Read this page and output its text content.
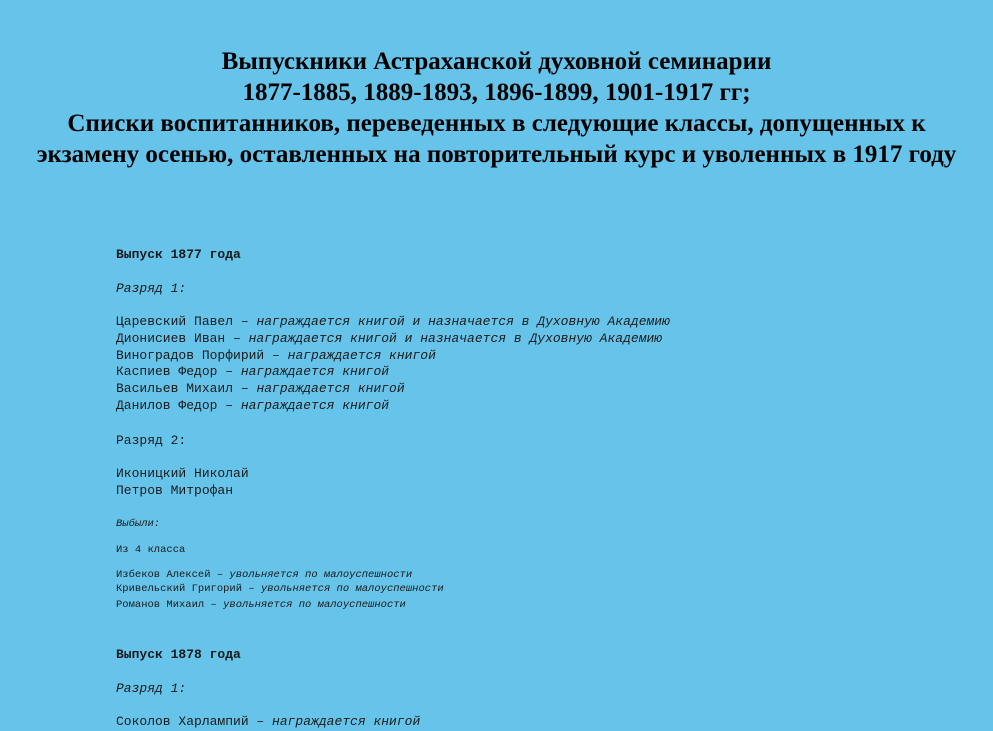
Выпускники Астраханской духовной семинарии
1877-1885, 1889-1893, 1896-1899, 1901-1917 гг;
Списки воспитанников, переведенных в следующие классы, допущенных к
экзамену осенью, оставленных на повторительный курс и уволенных в 1917 году
Выпуск 1877 года
Разряд 1:
Царевский Павел – награждается книгой и назначается в Духовную Академию
Дионисиев Иван – награждается книгой и назначается в Духовную Академию
Виноградов Порфирий – награждается книгой
Каспиев Федор – награждается книгой
Васильев Михаил – награждается книгой
Данилов Федор – награждается книгой
Разряд 2:
Иконицкий Николай
Петров Митрофан
Выбыли:
Из 4 класса
Избеков Алексей – увольняется по малоуспешности
Кривельский Григорий – увольняется по малоуспешности
Романов Михаил – увольняется по малоуспешности
Выпуск 1878 года
Разряд 1:
Соколов Харлампий – награждается книгой
